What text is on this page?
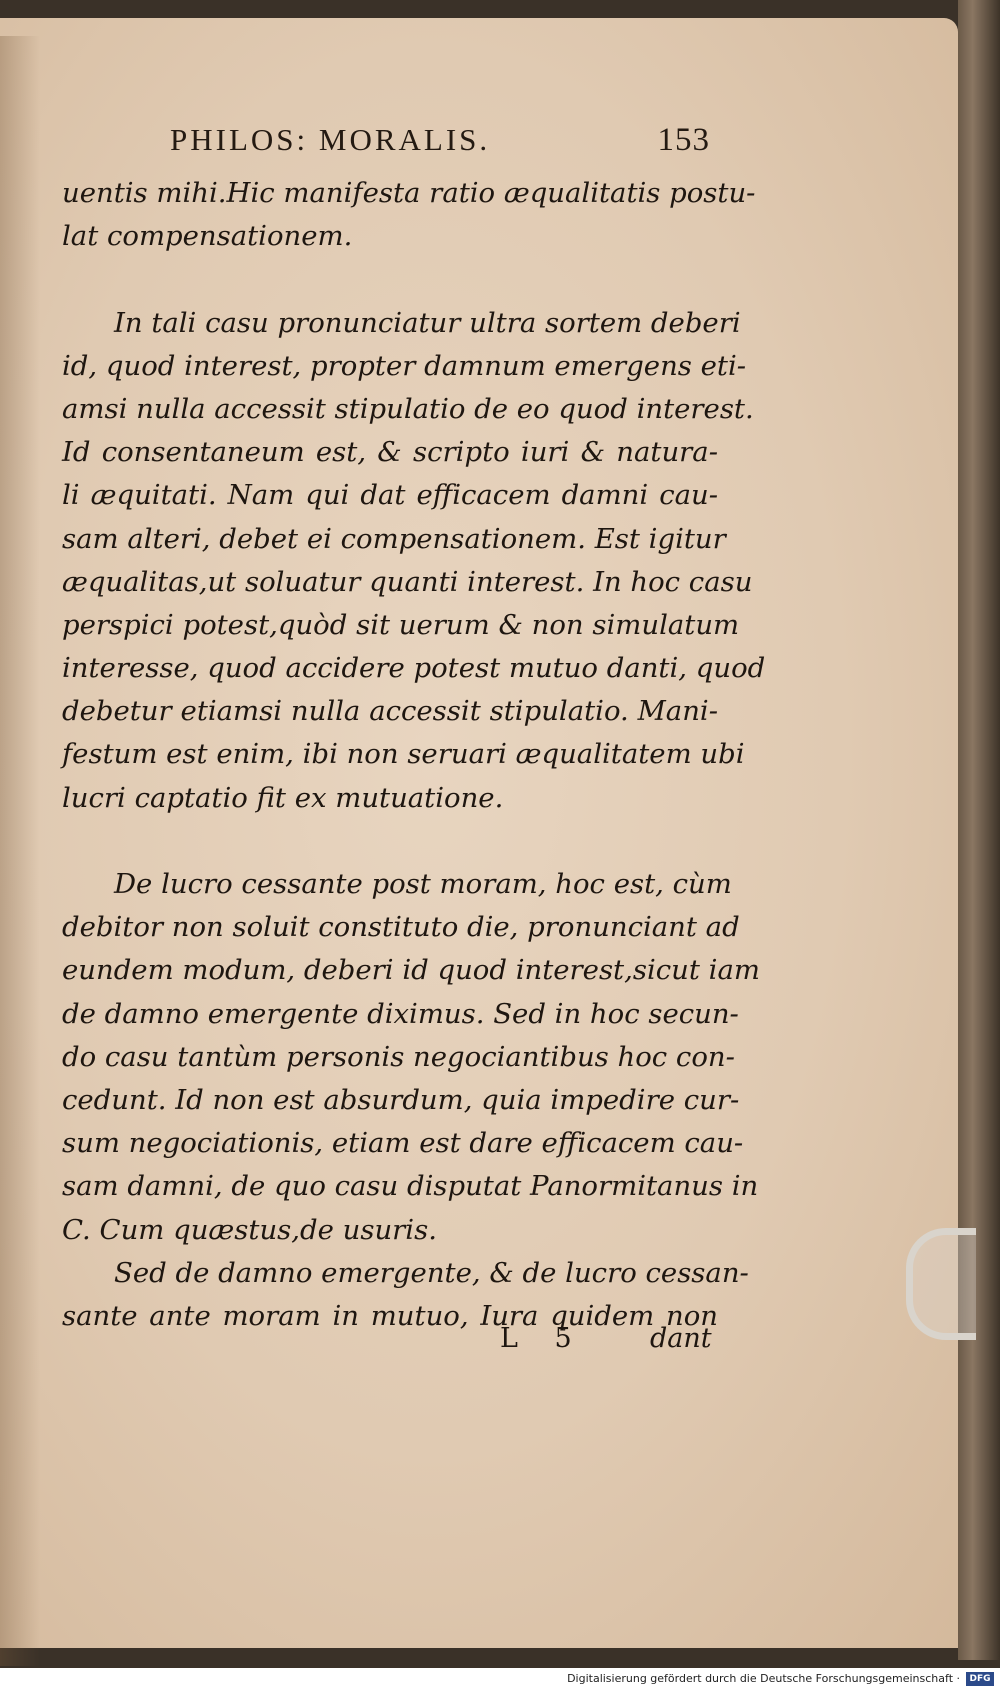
PHILOS: MORALIS.	153
uentis mihi.Hic manifesta ratio æqualitatis postu-
lat compensationem.
In tali casu pronunciatur ultra sortem deberi
id, quod interest, propter damnum emergens eti-
amsi nulla accessit stipulatio de eo quod interest.
Id consentaneum est, & scripto iuri & natura-
li æquitati. Nam qui dat efficacem damni cau-
sam alteri, debet ei compensationem. Est igitur
æqualitas,ut soluatur quanti interest. In hoc casu
perspici potest,quòd sit uerum & non simulatum
interesse, quod accidere potest mutuo danti, quod
debetur etiamsi nulla accessit stipulatio. Mani-
festum est enim, ibi non seruari æqualitatem ubi
lucri captatio fit ex mutuatione.
De lucro cessante post moram, hoc est, cùm
debitor non soluit constituto die, pronunciant ad
eundem modum, deberi id quod interest,sicut iam
de damno emergente diximus. Sed in hoc secun-
do casu tantùm personis negociantibus hoc con-
cedunt. Id non est absurdum, quia impedire cur-
sum negociationis, etiam est dare efficacem cau-
sam damni, de quo casu disputat Panormitanus in
C. Cum quæstus,de usuris.
Sed de damno emergente, & de lucro cessan-
sante ante moram in mutuo, Iura quidem non
L 5 dant
Digitalisierung gefördert durch die Deutsche Forschungsgemeinschaft ·	DFG
